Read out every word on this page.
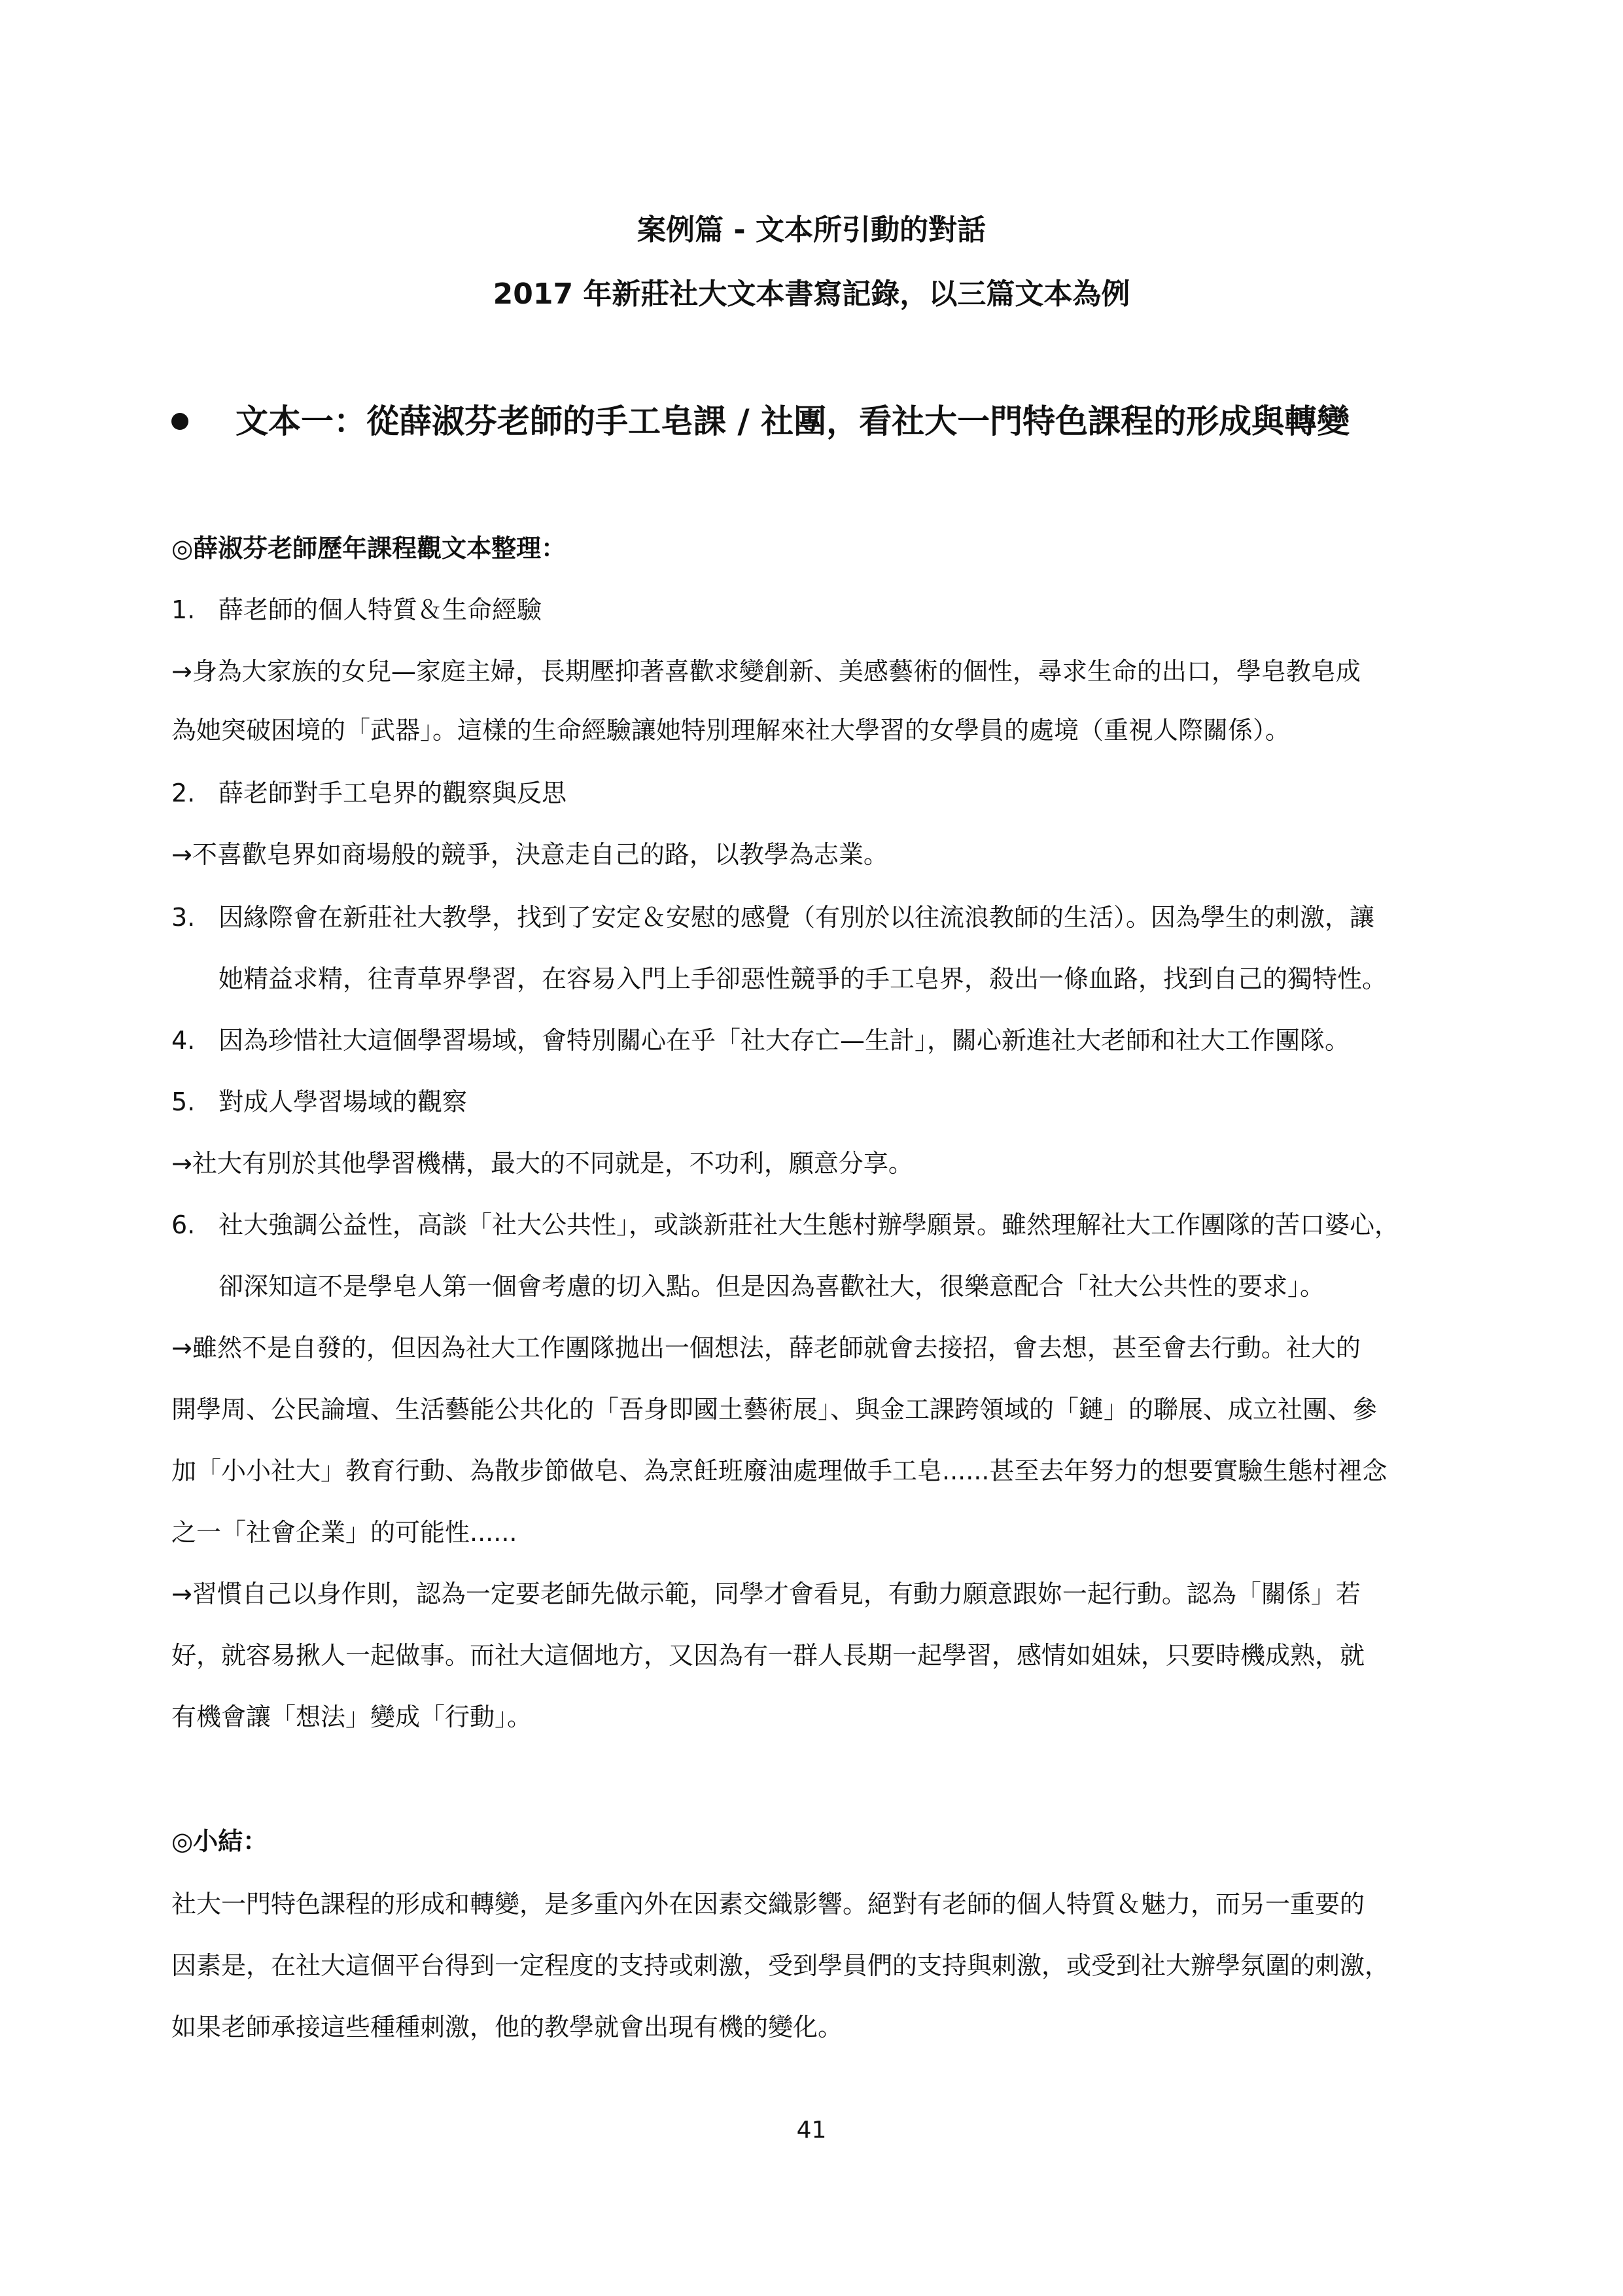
案例篇 - 文本所引動的對話
2017 年新莊社大文本書寫記錄，以三篇文本為例
文本一：從薛淑芬老師的手工皂課 / 社團，看社大一門特色課程的形成與轉變
◎薛淑芬老師歷年課程觀文本整理：
1. 薛老師的個人特質＆生命經驗
→身為大家族的女兒—家庭主婦，長期壓抑著喜歡求變創新、美感藝術的個性，尋求生命的出口，學皂教皂成
為她突破困境的「武器」。這樣的生命經驗讓她特別理解來社大學習的女學員的處境（重視人際關係）。
2. 薛老師對手工皂界的觀察與反思
→不喜歡皂界如商場般的競爭，決意走自己的路，以教學為志業。
3. 因緣際會在新莊社大教學，找到了安定＆安慰的感覺（有別於以往流浪教師的生活）。因為學生的刺激，讓
她精益求精，往青草界學習，在容易入門上手卻惡性競爭的手工皂界，殺出一條血路，找到自己的獨特性。
4. 因為珍惜社大這個學習場域，會特別關心在乎「社大存亡—生計」，關心新進社大老師和社大工作團隊。
5. 對成人學習場域的觀察
→社大有別於其他學習機構，最大的不同就是，不功利，願意分享。
6. 社大強調公益性，高談「社大公共性」，或談新莊社大生態村辦學願景。雖然理解社大工作團隊的苦口婆心，
卻深知這不是學皂人第一個會考慮的切入點。但是因為喜歡社大，很樂意配合「社大公共性的要求」。
→雖然不是自發的，但因為社大工作團隊拋出一個想法，薛老師就會去接招，會去想，甚至會去行動。社大的
開學周、公民論壇、生活藝能公共化的「吾身即國土藝術展」、與金工課跨領域的「鏈」的聯展、成立社團、參
加「小小社大」教育行動、為散步節做皂、為烹飪班廢油處理做手工皂......甚至去年努力的想要實驗生態村裡念
之一「社會企業」的可能性......
→習慣自己以身作則，認為一定要老師先做示範，同學才會看見，有動力願意跟妳一起行動。認為「關係」若
好，就容易揪人一起做事。而社大這個地方，又因為有一群人長期一起學習，感情如姐妹，只要時機成熟，就
有機會讓「想法」變成「行動」。
◎小結：
社大一門特色課程的形成和轉變，是多重內外在因素交織影響。絕對有老師的個人特質＆魅力，而另一重要的
因素是，在社大這個平台得到一定程度的支持或刺激，受到學員們的支持與刺激，或受到社大辦學氛圍的刺激，
如果老師承接這些種種刺激，他的教學就會出現有機的變化。
41
